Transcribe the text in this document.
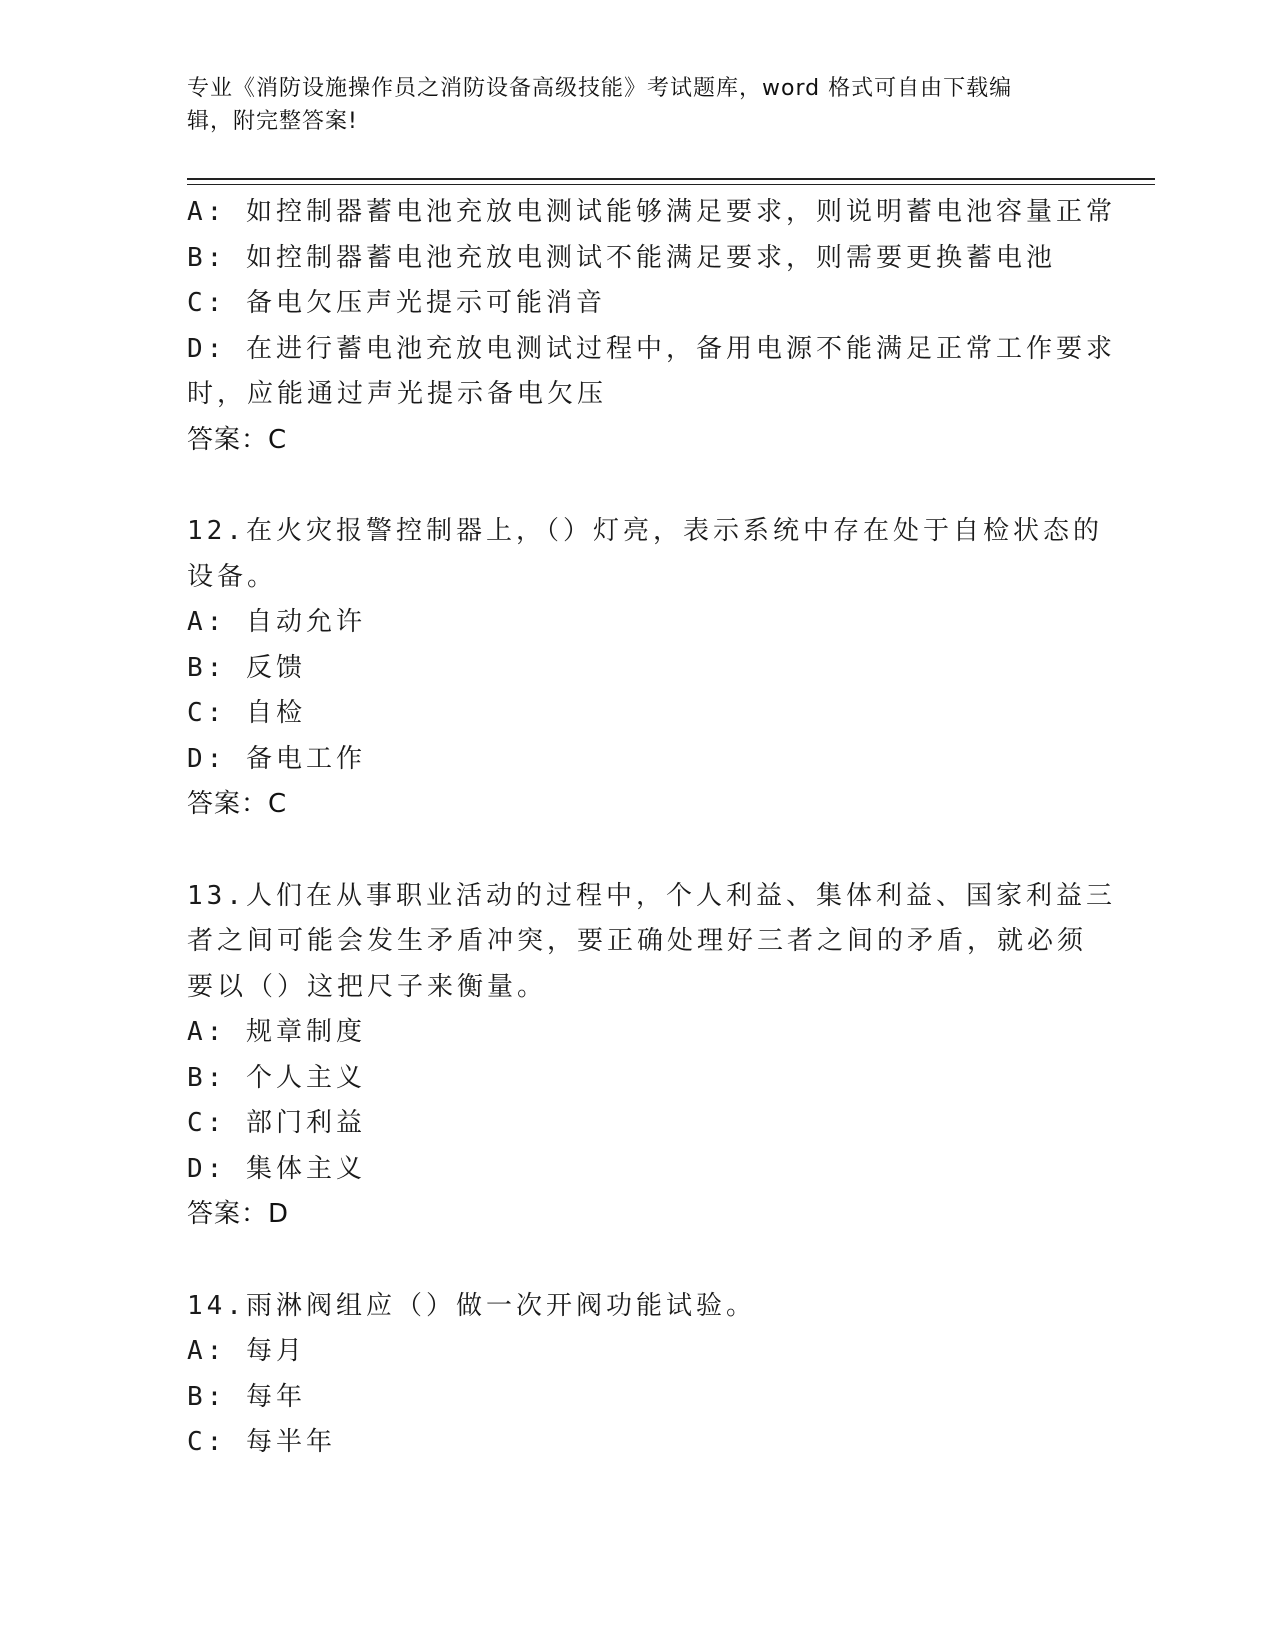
专业《消防设施操作员之消防设备高级技能》考试题库，word 格式可自由下载编
辑，附完整答案!
A: 如控制器蓄电池充放电测试能够满足要求，则说明蓄电池容量正常
B: 如控制器蓄电池充放电测试不能满足要求，则需要更换蓄电池
C: 备电欠压声光提示可能消音
D: 在进行蓄电池充放电测试过程中，备用电源不能满足正常工作要求
时，应能通过声光提示备电欠压
答案：C
12.在火灾报警控制器上，（）灯亮，表示系统中存在处于自检状态的
设备。
A: 自动允许
B: 反馈
C: 自检
D: 备电工作
答案：C
13.人们在从事职业活动的过程中，个人利益、集体利益、国家利益三
者之间可能会发生矛盾冲突，要正确处理好三者之间的矛盾，就必须
要以（）这把尺子来衡量。
A: 规章制度
B: 个人主义
C: 部门利益
D: 集体主义
答案：D
14.雨淋阀组应（）做一次开阀功能试验。
A: 每月
B: 每年
C: 每半年
